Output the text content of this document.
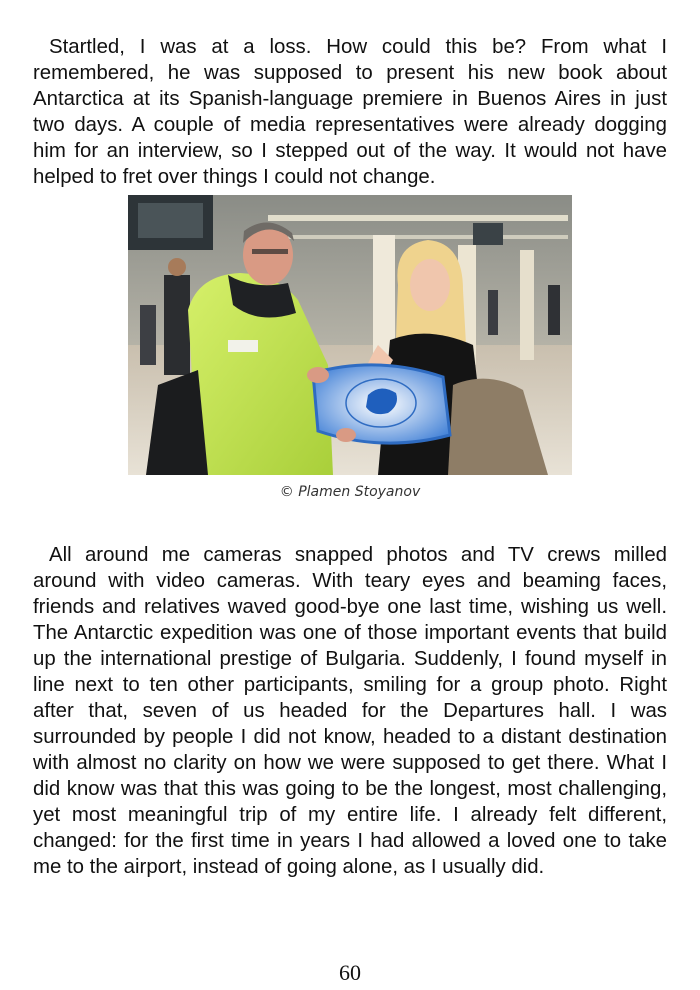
Startled, I was at a loss. How could this be? From what I remembered, he was supposed to present his new book about Antarctica at its Spanish-language premiere in Buenos Aires in just two days. A couple of media representatives were already dogging him for an interview, so I stepped out of the way. It would not have helped to fret over things I could not change.

© Plamen Stoyanov

All around me cameras snapped photos and TV crews milled around with video cameras. With teary eyes and beaming faces, friends and relatives waved good-bye one last time, wishing us well. The Antarctic expedition was one of those important events that build up the international prestige of Bulgaria. Suddenly, I found myself in line next to ten other participants, smiling for a group photo. Right after that, seven of us headed for the Departures hall. I was surrounded by people I did not know, headed to a distant destination with almost no clarity on how we were supposed to get there. What I did know was that this was going to be the longest, most challenging, yet most meaningful trip of my entire life. I already felt different, changed: for the first time in years I had allowed a loved one to take me to the airport, instead of going alone, as I usually did.

60
